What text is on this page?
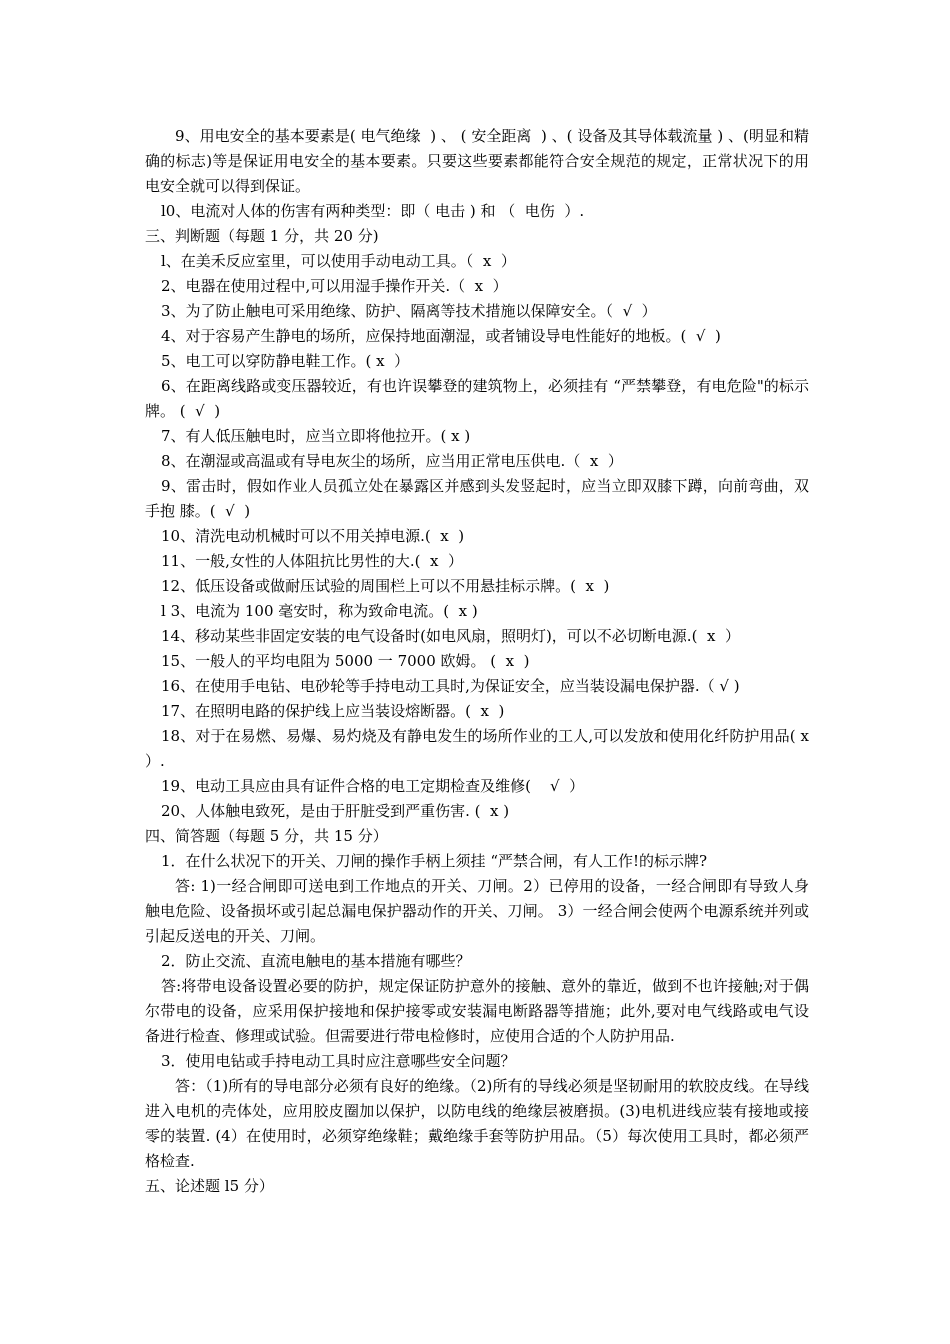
9、用电安全的基本要素是( 电气绝缘  ) 、 ( 安全距离  ) 、( 设备及其导体载流量 ) 、(明显和精确的标志)等是保证用电安全的基本要素。只要这些要素都能符合安全规范的规定，正常状况下的用电安全就可以得到保证。

l0、电流对人体的伤害有两种类型：即（ 电击 ) 和 （  电伤  ）.

三、判断题（每题 1 分，共 20 分)

l、在美禾反应室里，可以使用手动电动工具。（  x  ）

2、电器在使用过程中,可以用湿手操作开关.（  x  ）

3、为了防止触电可采用绝缘、防护、隔离等技术措施以保障安全。（  √  ）

4、对于容易产生静电的场所，应保持地面潮湿，或者铺设导电性能好的地板。(  √  )

5、电工可以穿防静电鞋工作。( x  ）

6、在距离线路或变压器较近，有也许误攀登的建筑物上，必须挂有 “严禁攀登，有电危险"的标示牌。 (  √  )

7、有人低压触电时，应当立即将他拉开。( x )

8、在潮湿或高温或有导电灰尘的场所，应当用正常电压供电.（  x  ）

9、雷击时，假如作业人员孤立处在暴露区并感到头发竖起时，应当立即双膝下蹲，向前弯曲，双手抱 膝。(  √  )

10、清洗电动机械时可以不用关掉电源.(  x  )

11、一般,女性的人体阻抗比男性的大.(  x  ）

12、低压设备或做耐压试验的周围栏上可以不用悬挂标示牌。(  x  )

l 3、电流为 100 毫安时，称为致命电流。(  x )

14、移动某些非固定安装的电气设备时(如电风扇，照明灯)，可以不必切断电源.(  x  ）

15、一般人的平均电阻为 5000 一 7000 欧姆。 (  x  )

16、在使用手电钻、电砂轮等手持电动工具时,为保证安全，应当装设漏电保护器.（ √ )

17、在照明电路的保护线上应当装设熔断器。(  x  )

18、对于在易燃、易爆、易灼烧及有静电发生的场所作业的工人,可以发放和使用化纤防护用品( x ）.

19、电动工具应由具有证件合格的电工定期检查及维修(    √  ）

20、人体触电致死，是由于肝脏受到严重伤害. (  x )

四、简答题（每题 5 分，共 15 分）

1．在什么状况下的开关、刀闸的操作手柄上须挂 “严禁合闸，有人工作!的标示牌?

答: 1)一经合闸即可送电到工作地点的开关、刀闸。2）已停用的设备，一经合闸即有导致人身触电危险、设备损坏或引起总漏电保护器动作的开关、刀闸。 3）一经合闸会使两个电源系统并列或引起反送电的开关、刀闸。

2．防止交流、直流电触电的基本措施有哪些？

答:将带电设备设置必要的防护，规定保证防护意外的接触、意外的靠近，做到不也许接触;对于偶尔带电的设备，应采用保护接地和保护接零或安装漏电断路器等措施；此外,要对电气线路或电气设备进行检查、修理或试验。但需要进行带电检修时，应使用合适的个人防护用品.

3．使用电钻或手持电动工具时应注意哪些安全问题？

答：（1)所有的导电部分必须有良好的绝缘。（2)所有的导线必须是坚韧耐用的软胶皮线。在导线进入电机的壳体处，应用胶皮圈加以保护，以防电线的绝缘层被磨损。(3)电机进线应装有接地或接零的装置. (4）在使用时，必须穿绝缘鞋；戴绝缘手套等防护用品。（5）每次使用工具时，都必须严格检查.

五、论述题 l5 分）
